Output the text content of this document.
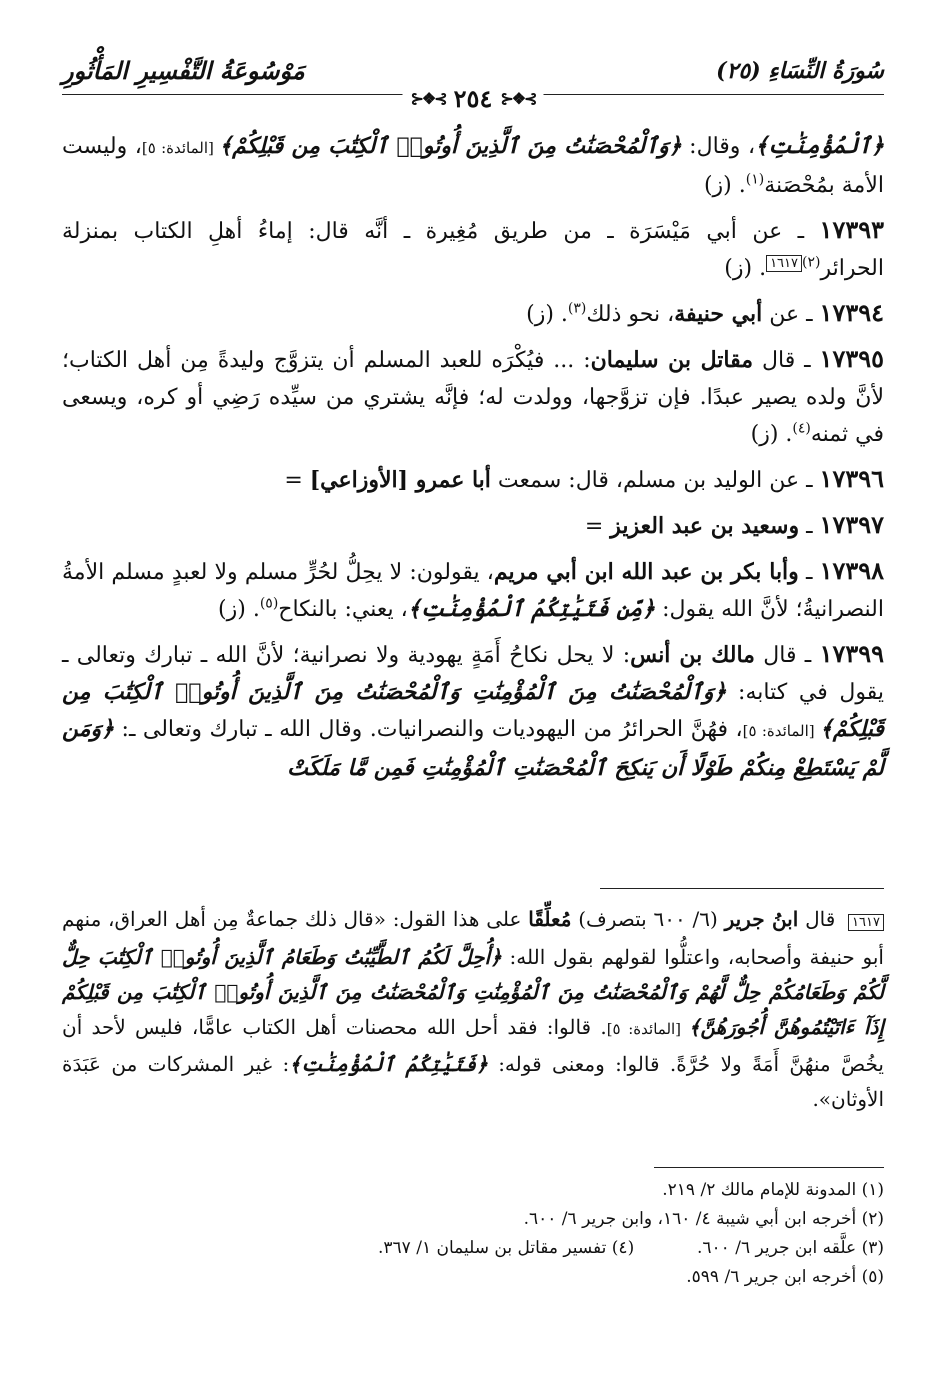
سُورَةُ النِّسَاءِ (٢٥)
مَوْسُوعَةُ التَّفْسِيرِ المَأْثُورِ
⊱❖⊰ ٢٥٤ ⊱❖⊰

﴿ٱلْمُؤْمِنَٰتِ﴾، وقال: ﴿وَٱلْمُحْصَنَٰتُ مِنَ ٱلَّذِينَ أُوتُوا۟ ٱلْكِتَٰبَ مِن قَبْلِكُمْ﴾ [المائدة: ٥]، وليست الأمة بمُحْصَنة$^{(١)}$. (ز)

١٧٣٩٣ ـ عن أبي مَيْسَرَة ـ من طريق مُغِيرة ـ أنَّه قال: إماءُ أهلِ الكتاب بمنزلة الحرائر$^{(٢)١٦١٧}$. (ز)

١٧٣٩٤ ـ عن أبي حنيفة، نحو ذلك$^{(٣)}$. (ز)

١٧٣٩٥ ـ قال مقاتل بن سليمان: ... فيُكْرَه للعبد المسلم أن يتزوَّج وليدةً مِن أهل الكتاب؛ لأنَّ ولده يصير عبدًا. فإن تزوَّجها، وولدت له؛ فإنَّه يشتري من سيِّده رَضِي أو كره، ويسعى في ثمنه$^{(٤)}$. (ز)

١٧٣٩٦ ـ عن الوليد بن مسلم، قال: سمعت أبا عمرو [الأوزاعي] =

١٧٣٩٧ ـ وسعيد بن عبد العزيز =

١٧٣٩٨ ـ وأبا بكر بن عبد الله ابن أبي مريم، يقولون: لا يحِلُّ لحُرٍّ مسلم ولا لعبدٍ مسلم الأمةُ النصرانيةُ؛ لأنَّ الله يقول: ﴿مِّن فَتَيَٰتِكُمُ ٱلْمُؤْمِنَٰتِ﴾، يعني: بالنكاح$^{(٥)}$. (ز)

١٧٣٩٩ ـ قال مالك بن أنس: لا يحل نكاحُ أَمَةٍ يهودية ولا نصرانية؛ لأنَّ الله ـ تبارك وتعالى ـ يقول في كتابه: ﴿وَٱلْمُحْصَنَٰتُ مِنَ ٱلْمُؤْمِنَٰتِ وَٱلْمُحْصَنَٰتُ مِنَ ٱلَّذِينَ أُوتُوا۟ ٱلْكِتَٰبَ مِن قَبْلِكُمْ﴾ [المائدة: ٥]، فهُنَّ الحرائرُ من اليهوديات والنصرانيات. وقال الله ـ تبارك وتعالى ـ: ﴿وَمَن لَّمْ يَسْتَطِعْ مِنكُمْ طَوْلًا أَن يَنكِحَ ٱلْمُحْصَنَٰتِ ٱلْمُؤْمِنَٰتِ فَمِن مَّا مَلَكَتْ

١٦١٧ قال ابنُ جرير (٦/ ٦٠٠ بتصرف) مُعلِّقًا على هذا القول: «قال ذلك جماعةٌ مِن أهل العراق، منهم أبو حنيفة وأصحابه، واعتلُّوا لقولهم بقول الله: ﴿أُحِلَّ لَكُمُ ٱلطَّيِّبَٰتُ وَطَعَامُ ٱلَّذِينَ أُوتُوا۟ ٱلْكِتَٰبَ حِلٌّ لَّكُمْ وَطَعَامُكُمْ حِلٌّ لَّهُمْ وَٱلْمُحْصَنَٰتُ مِنَ ٱلْمُؤْمِنَٰتِ وَٱلْمُحْصَنَٰتُ مِنَ ٱلَّذِينَ أُوتُوا۟ ٱلْكِتَٰبَ مِن قَبْلِكُمْ إِذَآ ءَاتَيْتُمُوهُنَّ أُجُورَهُنَّ﴾ [المائدة: ٥]. قالوا: فقد أحل الله محصنات أهل الكتاب عامًّا، فليس لأحد أن يخُصَّ منهُنَّ أَمَةً ولا حُرَّةً. قالوا: ومعنى قوله: ﴿فَتَيَٰتِكُمُ ٱلْمُؤْمِنَٰتِ﴾: غير المشركات من عَبَدَة الأوثان».
(١) المدونة للإمام مالك ٢/ ٢١٩.
(٢) أخرجه ابن أبي شيبة ٤/ ١٦٠، وابن جرير ٦/ ٦٠٠.
(٣) علَّقه ابن جرير ٦/ ٦٠٠.
(٤) تفسير مقاتل بن سليمان ١/ ٣٦٧.
(٥) أخرجه ابن جرير ٦/ ٥٩٩.
